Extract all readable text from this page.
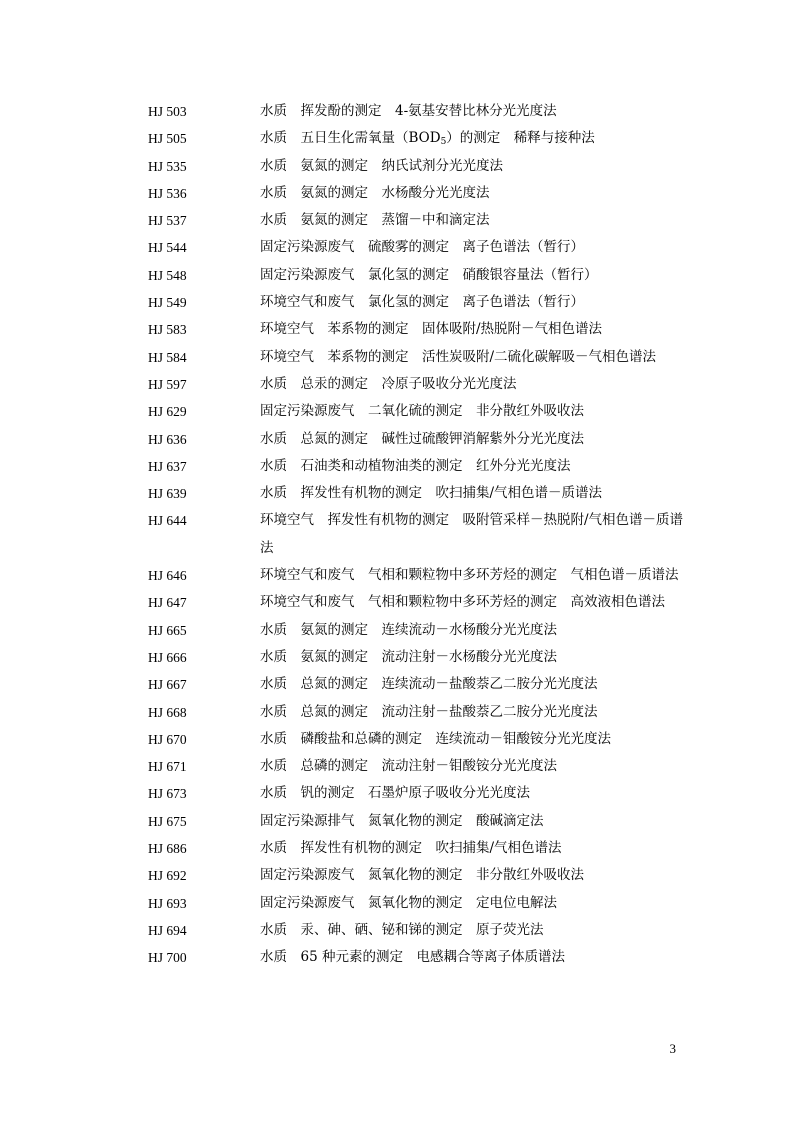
HJ 503	水质　挥发酚的测定　4-氨基安替比林分光光度法
HJ 505	水质　五日生化需氧量$(BOD_5)$的测定　稀释与接种法
HJ 535	水质　氨氮的测定　纳氏试剂分光光度法
HJ 536	水质　氨氮的测定　水杨酸分光光度法
HJ 537	水质　氨氮的测定　蒸馏－中和滴定法
HJ 544	固定污染源废气　硫酸雾的测定　离子色谱法（暂行）
HJ 548	固定污染源废气　氯化氢的测定　硝酸银容量法（暂行）
HJ 549	环境空气和废气　氯化氢的测定　离子色谱法（暂行）
HJ 583	环境空气　苯系物的测定　固体吸附/热脱附－气相色谱法
HJ 584	环境空气　苯系物的测定　活性炭吸附/二硫化碳解吸－气相色谱法
HJ 597	水质　总汞的测定　冷原子吸收分光光度法
HJ 629	固定污染源废气　二氧化硫的测定　非分散红外吸收法
HJ 636	水质　总氮的测定　碱性过硫酸钾消解紫外分光光度法
HJ 637	水质　石油类和动植物油类的测定　红外分光光度法
HJ 639	水质　挥发性有机物的测定　吹扫捕集/气相色谱－质谱法
HJ 644	环境空气　挥发性有机物的测定　吸附管采样－热脱附/气相色谱－质谱法
HJ 646	环境空气和废气　气相和颗粒物中多环芳烃的测定　气相色谱－质谱法
HJ 647	环境空气和废气　气相和颗粒物中多环芳烃的测定　高效液相色谱法
HJ 665	水质　氨氮的测定　连续流动－水杨酸分光光度法
HJ 666	水质　氨氮的测定　流动注射－水杨酸分光光度法
HJ 667	水质　总氮的测定　连续流动－盐酸萘乙二胺分光光度法
HJ 668	水质　总氮的测定　流动注射－盐酸萘乙二胺分光光度法
HJ 670	水质　磷酸盐和总磷的测定　连续流动－钼酸铵分光光度法
HJ 671	水质　总磷的测定　流动注射－钼酸铵分光光度法
HJ 673	水质　钒的测定　石墨炉原子吸收分光光度法
HJ 675	固定污染源排气　氮氧化物的测定　酸碱滴定法
HJ 686	水质　挥发性有机物的测定　吹扫捕集/气相色谱法
HJ 692	固定污染源废气　氮氧化物的测定　非分散红外吸收法
HJ 693	固定污染源废气　氮氧化物的测定　定电位电解法
HJ 694	水质　汞、砷、硒、铋和锑的测定　原子荧光法
HJ 700	水质　65 种元素的测定　电感耦合等离子体质谱法
3
